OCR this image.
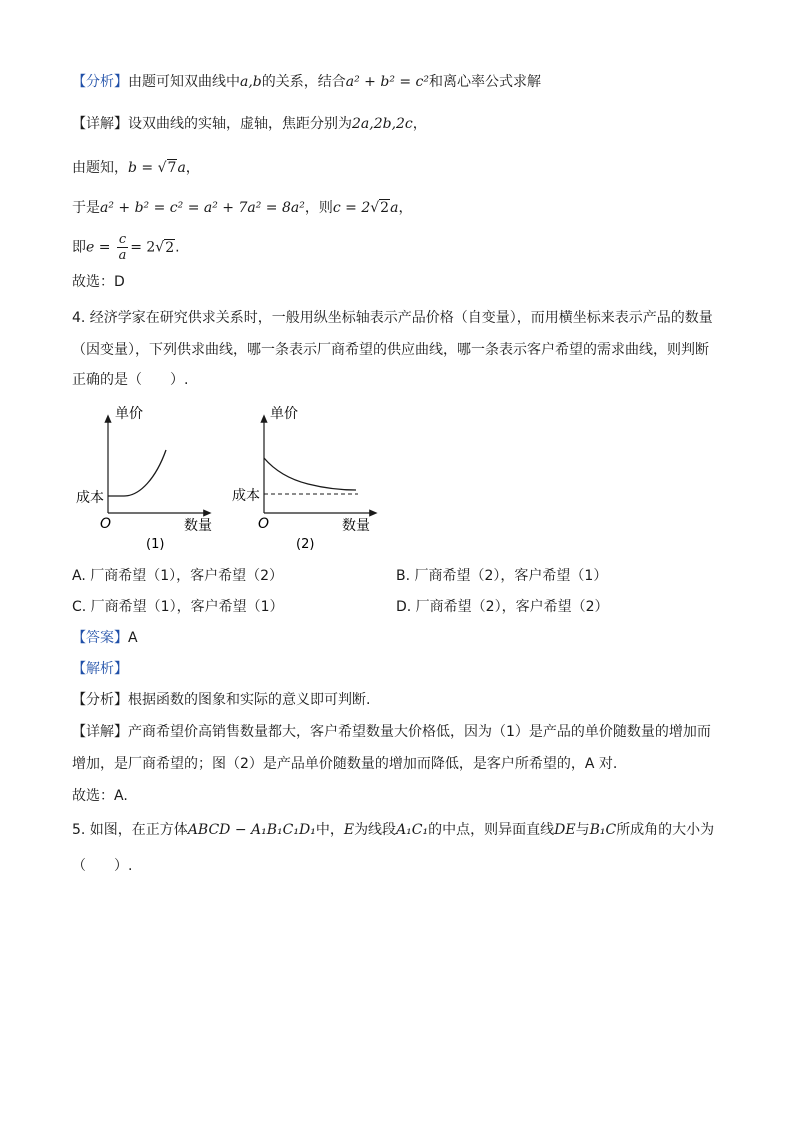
【分析】由题可知双曲线中a,b的关系，结合a² + b² = c²和离心率公式求解
【详解】设双曲线的实轴，虚轴，焦距分别为2a,2b,2c，
由题知，b = √7a，
于是a² + b² = c² = a² + 7a² = 8a²，则c = 2√2a，
即$e = \frac{c}{a} = 2√2$.
故选：D
4. 经济学家在研究供求关系时，一般用纵坐标轴表示产品价格（自变量），而用横坐标来表示产品的数量
（因变量），下列供求曲线，哪一条表示厂商希望的供应曲线，哪一条表示客户希望的需求曲线，则判断
正确的是（　　）.
单价
成本
O	数量
(1)
单价
成本
O	数量
(2)
A. 厂商希望（1），客户希望（2）	B. 厂商希望（2），客户希望（1）
C. 厂商希望（1），客户希望（1）	D. 厂商希望（2），客户希望（2）
【答案】A
【解析】
【分析】根据函数的图象和实际的意义即可判断.
【详解】产商希望价高销售数量都大，客户希望数量大价格低，因为（1）是产品的单价随数量的增加而
增加，是厂商希望的；图（2）是产品单价随数量的增加而降低，是客户所希望的，A 对.
故选：A.
5. 如图，在正方体ABCD − A₁B₁C₁D₁中，E为线段A₁C₁的中点，则异面直线DE与B₁C所成角的大小为
（　　）.
